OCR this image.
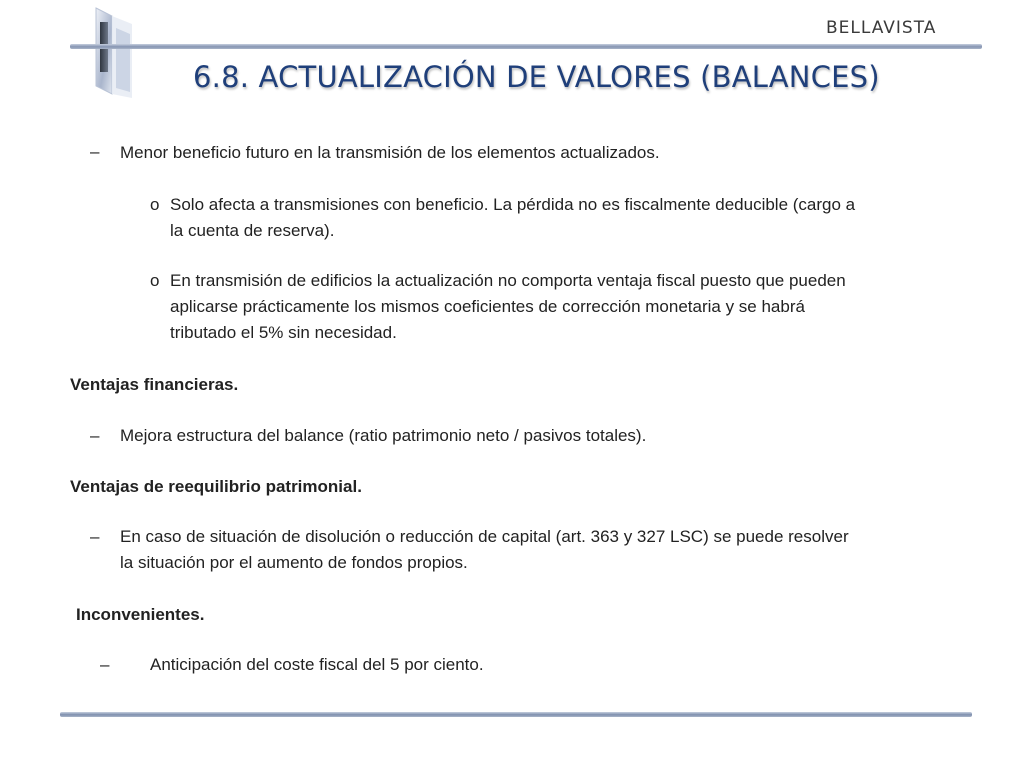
BELLAVISTA
6.8. ACTUALIZACIÓN DE VALORES (BALANCES)
– Menor beneficio futuro en la transmisión de los elementos actualizados.
o Solo afecta a transmisiones con beneficio. La pérdida no es fiscalmente deducible (cargo a
la cuenta de reserva).
o En transmisión de edificios la actualización no comporta ventaja fiscal puesto que pueden
aplicarse prácticamente los mismos coeficientes de corrección monetaria y se habrá
tributado el 5% sin necesidad.
Ventajas financieras.
– Mejora estructura del balance (ratio patrimonio neto / pasivos totales).
Ventajas de reequilibrio patrimonial.
– En caso de situación de disolución o reducción de capital (art. 363 y 327 LSC) se puede resolver
la situación por el aumento de fondos propios.
Inconvenientes.
– Anticipación del coste fiscal del 5 por ciento.
